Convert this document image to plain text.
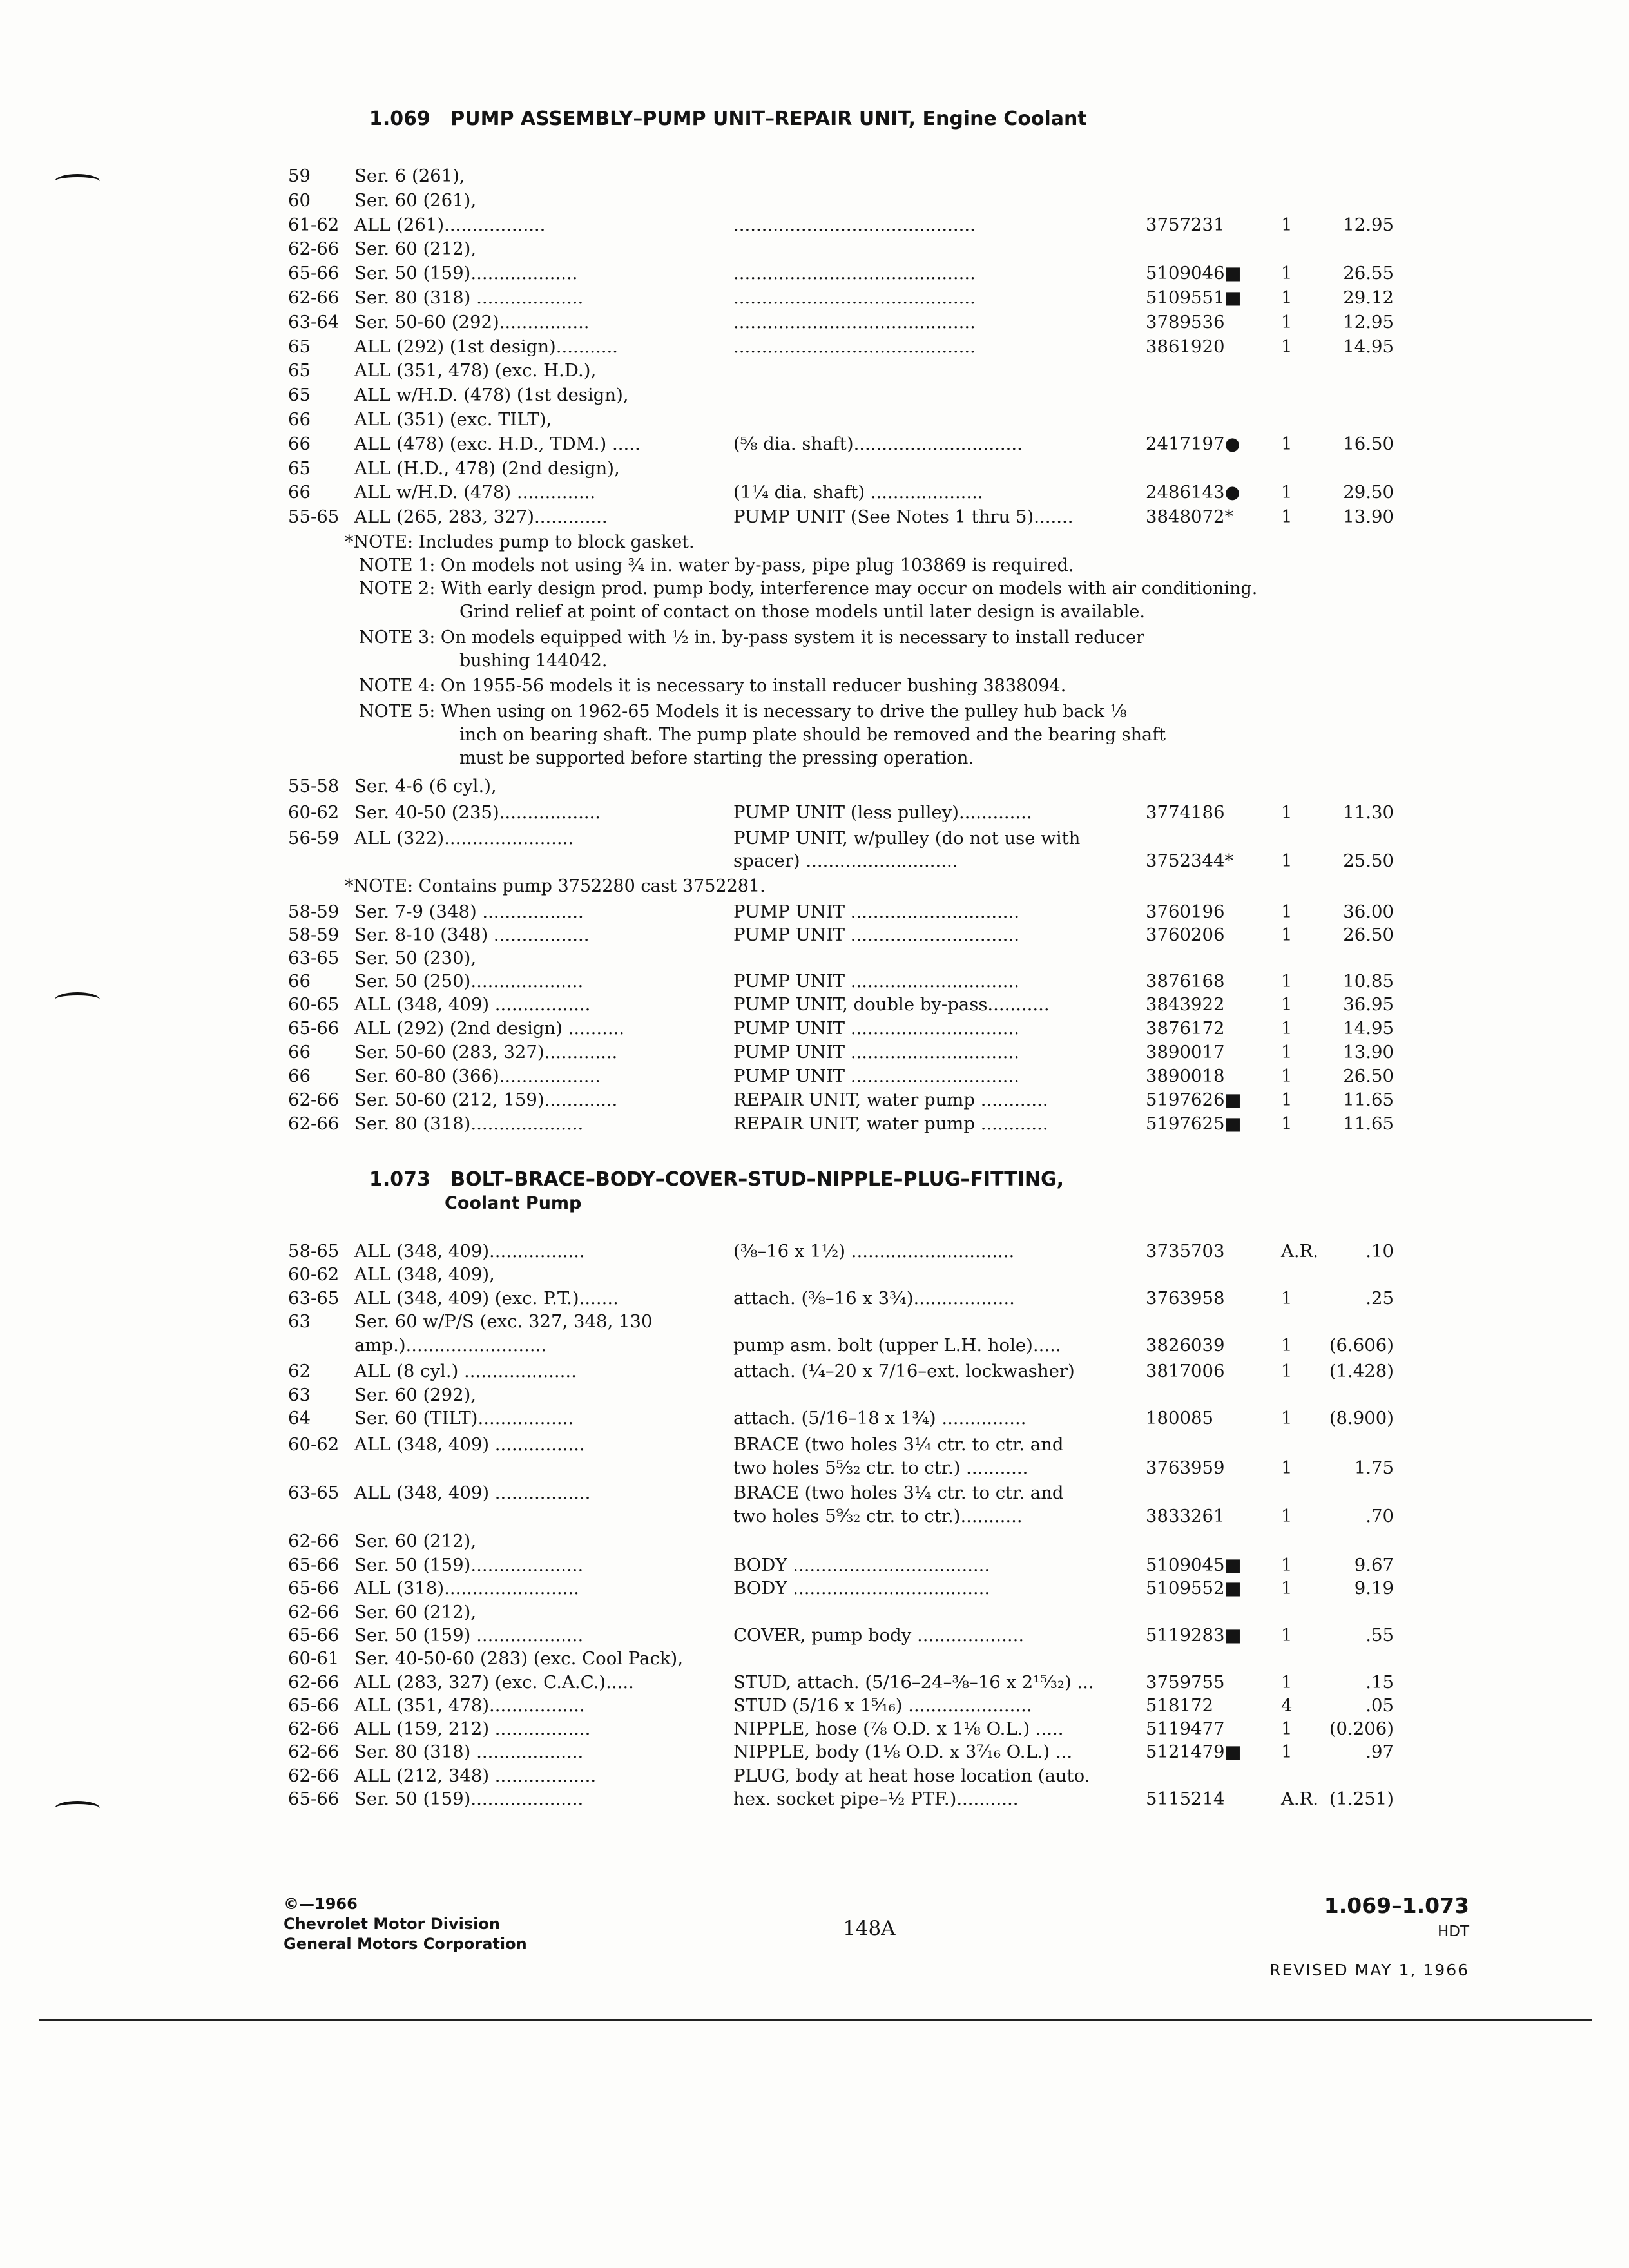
1.069 PUMP ASSEMBLY–PUMP UNIT–REPAIR UNIT, Engine Coolant
59 Ser. 6 (261),
60 Ser. 60 (261),
61-62 ALL (261)..................	...........................................	3757231	1	12.95
62-66 Ser. 60 (212),
65-66 Ser. 50 (159)...................	...........................................	5109046■ 1	26.55
62-66 Ser. 80 (318) ...................	...........................................	5109551■ 1	29.12
63-64 Ser. 50-60 (292)................	...........................................	3789536	1	12.95
65 ALL (292) (1st design)...........	...........................................	3861920	1	14.95
65 ALL (351, 478) (exc. H.D.),
65 ALL w/H.D. (478) (1st design),
66 ALL (351) (exc. TILT),
66 ALL (478) (exc. H.D., TDM.) .....	(⅝ dia. shaft)..............................	2417197● 1	16.50
65 ALL (H.D., 478) (2nd design),
66 ALL w/H.D. (478) ..............	(1¼ dia. shaft) ....................	2486143● 1	29.50
55-65 ALL (265, 283, 327).............	PUMP UNIT (See Notes 1 thru 5).......	3848072*	1	13.90
*NOTE: Includes pump to block gasket.
NOTE 1: On models not using ¾ in. water by-pass, pipe plug 103869 is required.
NOTE 2: With early design prod. pump body, interference may occur on models with air conditioning.
Grind relief at point of contact on those models until later design is available.
NOTE 3: On models equipped with ½ in. by-pass system it is necessary to install reducer
bushing 144042.
NOTE 4: On 1955-56 models it is necessary to install reducer bushing 3838094.
NOTE 5: When using on 1962-65 Models it is necessary to drive the pulley hub back ⅛
inch on bearing shaft. The pump plate should be removed and the bearing shaft
must be supported before starting the pressing operation.
55-58 Ser. 4-6 (6 cyl.),
60-62 Ser. 40-50 (235)..................	PUMP UNIT (less pulley).............	3774186	1	11.30
56-59 ALL (322).......................	PUMP UNIT, w/pulley (do not use with
spacer) ...........................	3752344*	1	25.50
*NOTE: Contains pump 3752280 cast 3752281.
58-59 Ser. 7-9 (348) ..................	PUMP UNIT ..............................	3760196	1	36.00
58-59 Ser. 8-10 (348) .................	PUMP UNIT ..............................	3760206	1	26.50
63-65 Ser. 50 (230),
66 Ser. 50 (250)....................	PUMP UNIT ..............................	3876168	1	10.85
60-65 ALL (348, 409) .................	PUMP UNIT, double by-pass...........	3843922	1	36.95
65-66 ALL (292) (2nd design) ..........	PUMP UNIT ..............................	3876172	1	14.95
66 Ser. 50-60 (283, 327).............	PUMP UNIT ..............................	3890017	1	13.90
66 Ser. 60-80 (366)..................	PUMP UNIT ..............................	3890018	1	26.50
62-66 Ser. 50-60 (212, 159).............	REPAIR UNIT, water pump ............	5197626■ 1	11.65
62-66 Ser. 80 (318)....................	REPAIR UNIT, water pump ............	5197625■ 1	11.65
1.073 BOLT–BRACE–BODY–COVER–STUD–NIPPLE–PLUG–FITTING,
Coolant Pump
58-65 ALL (348, 409).................	(⅜–16 x 1½) .............................	3735703	A.R.	.10
60-62 ALL (348, 409),
63-65 ALL (348, 409) (exc. P.T.).......	attach. (⅜–16 x 3¾)..................	3763958	1	.25
63 Ser. 60 w/P/S (exc. 327, 348, 130
amp.).........................	pump asm. bolt (upper L.H. hole).....	3826039	1 (6.606)
62 ALL (8 cyl.) ....................	attach. (¼–20 x 7/16–ext. lockwasher)	3817006	1 (1.428)
63 Ser. 60 (292),
64 Ser. 60 (TILT).................	attach. (5/16–18 x 1¾) ...............	180085	1 (8.900)
60-62 ALL (348, 409) ................	BRACE (two holes 3¼ ctr. to ctr. and
two holes 5⁵⁄₃₂ ctr. to ctr.) ...........	3763959	1	1.75
63-65 ALL (348, 409) .................	BRACE (two holes 3¼ ctr. to ctr. and
two holes 5⁹⁄₃₂ ctr. to ctr.)...........	3833261	1	.70
62-66 Ser. 60 (212),
65-66 Ser. 50 (159)....................	BODY ...................................	5109045■ 1	9.67
65-66 ALL (318)........................	BODY ...................................	5109552■ 1	9.19
62-66 Ser. 60 (212),
65-66 Ser. 50 (159) ...................	COVER, pump body ...................	5119283■ 1	.55
60-61 Ser. 40-50-60 (283) (exc. Cool Pack),
62-66 ALL (283, 327) (exc. C.A.C.).....	STUD, attach. (5/16–24–⅜–16 x 2¹⁵⁄₃₂) ...	3759755	1	.15
65-66 ALL (351, 478).................	STUD (5/16 x 1⁵⁄₁₆) ......................	518172	4	.05
62-66 ALL (159, 212) .................	NIPPLE, hose (⅞ O.D. x 1⅛ O.L.) .....	5119477	1 (0.206)
62-66 Ser. 80 (318) ...................	NIPPLE, body (1⅛ O.D. x 3⁷⁄₁₆ O.L.) ...	5121479■ 1	.97
62-66 ALL (212, 348) ..................	PLUG, body at heat hose location (auto.
65-66 Ser. 50 (159)....................	hex. socket pipe–½ PTF.)...........	5115214	A.R. (1.251)
©—1966
Chevrolet Motor Division
General Motors Corporation
148A
1.069–1.073
HDT
REVISED MAY 1, 1966
